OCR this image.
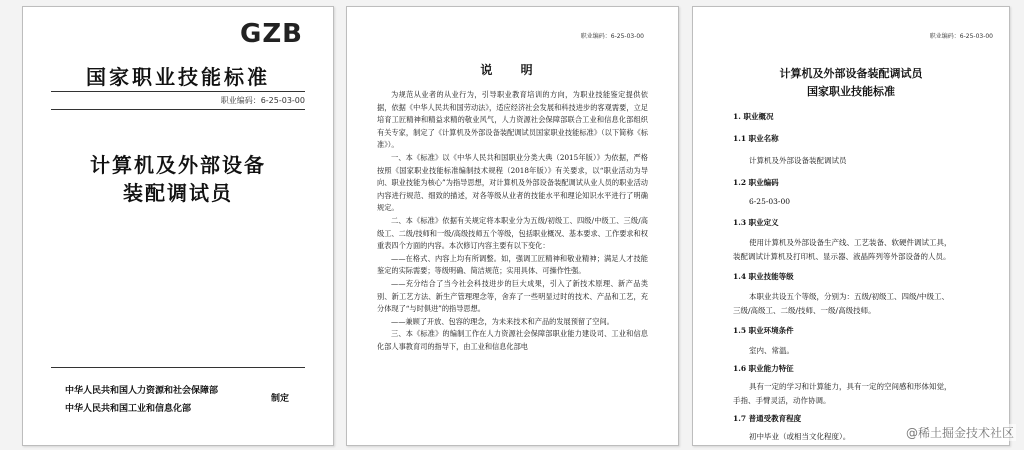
GZB
国家职业技能标准
职业编码：6-25-03-00
计算机及外部设备
装配调试员
中华人民共和国人力资源和社会保障部
中华人民共和国工业和信息化部
制定
职业编码：6-25-03-00
说 明

为规范从业者的从业行为，引导职业教育培训的方向，为职业技能鉴定提供依据，依据《中华人民共和国劳动法》，适应经济社会发展和科技进步的客观需要，立足培育工匠精神和精益求精的敬业风气，人力资源社会保障部联合工业和信息化部组织有关专家，制定了《计算机及外部设备装配调试员国家职业技能标准》（以下简称《标准》）。

一、本《标准》以《中华人民共和国职业分类大典（2015年版）》为依据，严格按照《国家职业技能标准编制技术规程（2018年版）》有关要求，以“职业活动为导向、职业技能为核心”为指导思想，对计算机及外部设备装配调试从业人员的职业活动内容进行规范、细致的描述，对各等级从业者的技能水平和理论知识水平进行了明确规定。

二、本《标准》依据有关规定将本职业分为五级/初级工、四级/中级工、三级/高级工、二级/技师和一级/高级技师五个等级，包括职业概况、基本要求、工作要求和权重表四个方面的内容。本次修订内容主要有以下变化：

——在格式、内容上均有所调整。如，强调工匠精神和敬业精神；满足人才技能鉴定的实际需要；等级明确、简洁规范；实用具体、可操作性强。

——充分结合了当今社会科技进步的巨大成果，引入了新技术原理、新产品类别、新工艺方法、新生产管理理念等，舍弃了一些明显过时的技术、产品和工艺，充分体现了“与时俱进”的指导思想。

——兼顾了开放、包容的理念，为未来技术和产品的发展预留了空间。

三、本《标准》的编制工作在人力资源社会保障部职业能力建设司、工业和信息化部人事教育司的指导下，由工业和信息化部电

职业编码：6-25-03-00
计算机及外部设备装配调试员
国家职业技能标准
1. 职业概况
1.1 职业名称
计算机及外部设备装配调试员
1.2 职业编码
6-25-03-00
1.3 职业定义
使用计算机及外部设备生产线、工艺装备、软硬件调试工具，
装配调试计算机及打印机、显示器、液晶阵列等外部设备的人员。
1.4 职业技能等级
本职业共设五个等级，分别为：五级/初级工、四级/中级工、
三级/高级工、二级/技师、一级/高级技师。
1.5 职业环境条件
室内、常温。
1.6 职业能力特征
具有一定的学习和计算能力，具有一定的空间感和形体知觉，
手指、手臂灵活，动作协调。
1.7 普通受教育程度
初中毕业（或相当文化程度）。	@稀土掘金技术社区
